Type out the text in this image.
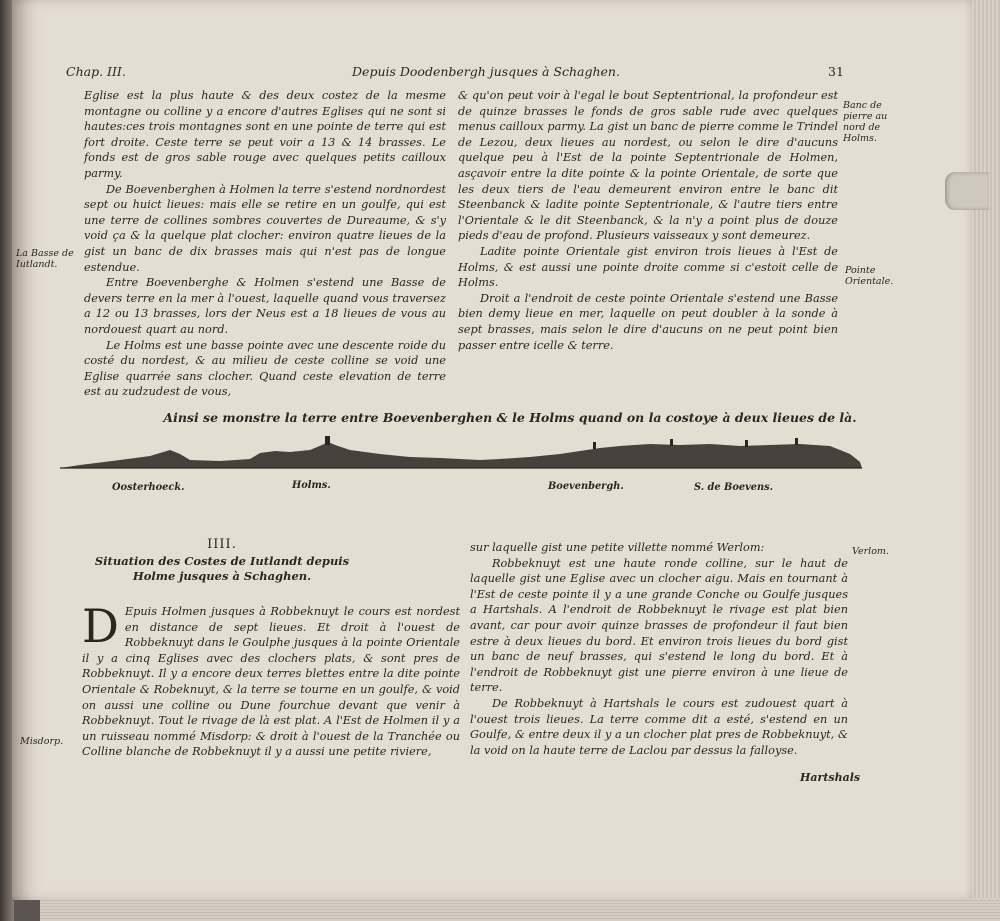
Chap. III.	Depuis Doodenbergh jusques à Schaghen.	31

Eglise est la plus haute & des deux costez de la mesme montagne ou colline y a encore d'autres Eglises qui ne sont si hautes:ces trois montagnes sont en une pointe de terre qui est fort droite. Ceste terre se peut voir a 13 & 14 brasses. Le fonds est de gros sable rouge avec quelques petits cailloux parmy.

De Boevenberghen à Holmen la terre s'estend nordnordest sept ou huict lieues: mais elle se retire en un goulfe, qui est une terre de collines sombres couvertes de Dureaume, & s'y void ça & la quelque plat clocher: environ quatre lieues de la gist un banc de dix brasses mais qui n'est pas de longue estendue.

Entre Boevenberghe & Holmen s'estend une Basse de devers terre en la mer à l'ouest, laquelle quand vous traversez a 12 ou 13 brasses, lors der Neus est a 18 lieues de vous au nordouest quart au nord.

Le Holms est une basse pointe avec une descente roide du costé du nordest, & au milieu de ceste colline se void une Eglise quarrée sans clocher. Quand ceste elevation de terre est au zudzudest de vous,

& qu'on peut voir à l'egal le bout Septentrional, la profondeur est de quinze brasses le fonds de gros sable rude avec quelques menus cailloux parmy. La gist un banc de pierre comme le Trindel de Lezou, deux lieues au nordest, ou selon le dire d'aucuns quelque peu à l'Est de la pointe Septentrionale de Holmen, asçavoir entre la dite pointe & la pointe Orientale, de sorte que les deux tiers de l'eau demeurent environ entre le banc dit Steenbanck & ladite pointe Septentrionale, & l'autre tiers entre l'Orientale & le dit Steenbanck, & la n'y a point plus de douze pieds d'eau de profond. Plusieurs vaisseaux y sont demeurez.

Ladite pointe Orientale gist environ trois lieues à l'Est de Holms, & est aussi une pointe droite comme si c'estoit celle de Holms.

Droit a l'endroit de ceste pointe Orientale s'estend une Basse bien demy lieue en mer, laquelle on peut doubler à la sonde à sept brasses, mais selon le dire d'aucuns on ne peut point bien passer entre icelle & terre.

La Basse de Iutlandt.
Banc de pierre au nord de Holms.
Pointe Orientale.
Verlom.
Misdorp.
Ainsi se monstre la terre entre Boevenberghen & le Holms quand on la costoye à deux lieues de là.
Oosterhoeck.	Holms.	Boevenbergh.	S. de Boevens.
IIII.
Situation des Costes de Iutlandt depuis Holme jusques à Schaghen.
D Epuis Holmen jusques à Robbeknuyt le cours est nordest en distance de sept lieues. Et droit à l'ouest de Robbeknuyt dans le Goulphe jusques à la pointe Orientale il y a cinq Eglises avec des clochers plats, & sont pres de Robbeknuyt. Il y a encore deux terres blettes entre la dite pointe Orientale & Robeknuyt, & la terre se tourne en un goulfe, & void on aussi une colline ou Dune fourchue devant que venir à Robbeknuyt. Tout le rivage de là est plat. A l'Est de Holmen il y a un ruisseau nommé Misdorp: & droit à l'ouest de la Tranchée ou Colline blanche de Robbeknuyt il y a aussi une petite riviere,

sur laquelle gist une petite villette nommé Werlom:

Robbeknuyt est une haute ronde colline, sur le haut de laquelle gist une Eglise avec un clocher aigu. Mais en tournant à l'Est de ceste pointe il y a une grande Conche ou Goulfe jusques a Hartshals. A l'endroit de Robbeknuyt le rivage est plat bien avant, car pour avoir quinze brasses de profondeur il faut bien estre à deux lieues du bord. Et environ trois lieues du bord gist un banc de neuf brasses, qui s'estend le long du bord. Et à l'endroit de Robbeknuyt gist une pierre environ à une lieue de terre.

De Robbeknuyt à Hartshals le cours est zudouest quart à l'ouest trois lieues. La terre comme dit a esté, s'estend en un Goulfe, & entre deux il y a un clocher plat pres de Robbeknuyt, & la void on la haute terre de Laclou par dessus la falloyse.

Hartshals
